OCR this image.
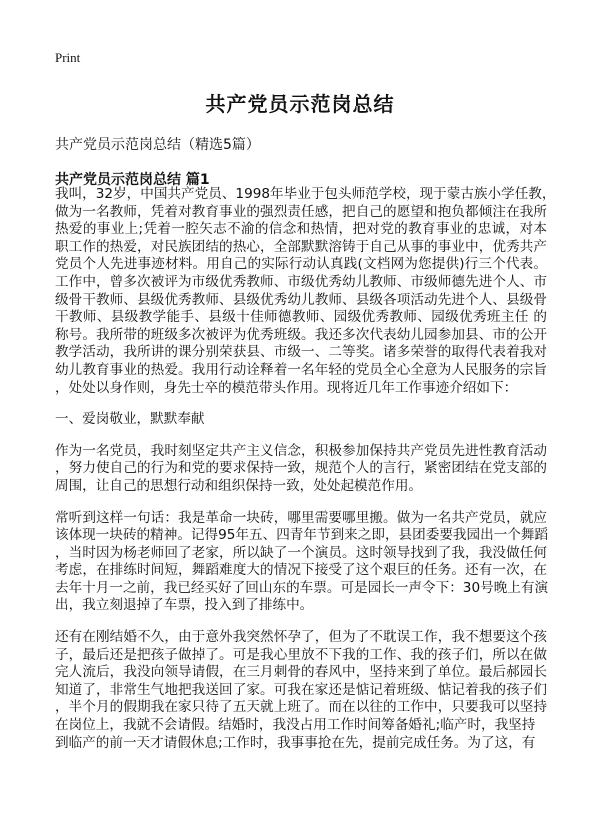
Print
共产党员示范岗总结
共产党员示范岗总结（精选5篇）
共产党员示范岗总结 篇1
我叫，32岁，中国共产党员、1998年毕业于包头师范学校，现于蒙古族小学任教，
做为一名教师，凭着对教育事业的强烈责任感，把自己的愿望和抱负都倾注在我所
热爱的事业上;凭着一腔矢志不渝的信念和热情，把对党的教育事业的忠诚，对本
职工作的热爱，对民族团结的热心，全部默默溶铸于自己从事的事业中，优秀共产
党员个人先进事迹材料。用自己的实际行动认真践(文档网为您提供)行三个代表。
工作中，曾多次被评为市级优秀教师、市级优秀幼儿教师、市级师德先进个人、市
级骨干教师、县级优秀教师、县级优秀幼儿教师、县级各项活动先进个人、县级骨
干教师、县级教学能手、县级十佳师德教师、园级优秀教师、园级优秀班主任 的
称号。我所带的班级多次被评为优秀班级。我还多次代表幼儿园参加县、市的公开
教学活动，我所讲的课分别荣获县、市级一、二等奖。诸多荣誉的取得代表着我对
幼儿教育事业的热爱。我用行动诠释着一名年轻的党员全心全意为人民服务的宗旨
，处处以身作则，身先士卒的模范带头作用。现将近几年工作事迹介绍如下：
一、爱岗敬业，默默奉献
作为一名党员，我时刻坚定共产主义信念，积极参加保持共产党员先进性教育活动
，努力使自己的行为和党的要求保持一致，规范个人的言行，紧密团结在党支部的
周围，让自己的思想行动和组织保持一致，处处起模范作用。
常听到这样一句话：我是革命一块砖，哪里需要哪里搬。做为一名共产党员，就应
该体现一块砖的精神。记得95年五、四青年节到来之即，县团委要我园出一个舞蹈
，当时因为杨老师回了老家，所以缺了一个演员。这时领导找到了我，我没做任何
考虑，在排练时间短，舞蹈难度大的情况下接受了这个艰巨的任务。还有一次，在
去年十月一之前，我已经买好了回山东的车票。可是园长一声令下：30号晚上有演
出，我立刻退掉了车票，投入到了排练中。
还有在刚结婚不久，由于意外我突然怀孕了，但为了不耽误工作，我不想要这个孩
子，最后还是把孩子做掉了。可是我心里放不下我的工作、我的孩子们，所以在做
完人流后，我没向领导请假，在三月刺骨的春风中，坚持来到了单位。最后郝园长
知道了，非常生气地把我送回了家。可我在家还是惦记着班级、惦记着我的孩子们
，半个月的假期我在家只待了五天就上班了。而在以往的工作中，只要我可以坚持
在岗位上，我就不会请假。结婚时，我没占用工作时间筹备婚礼;临产时，我坚持
到临产的前一天才请假休息;工作时，我事事抢在先，提前完成任务。为了这，有
